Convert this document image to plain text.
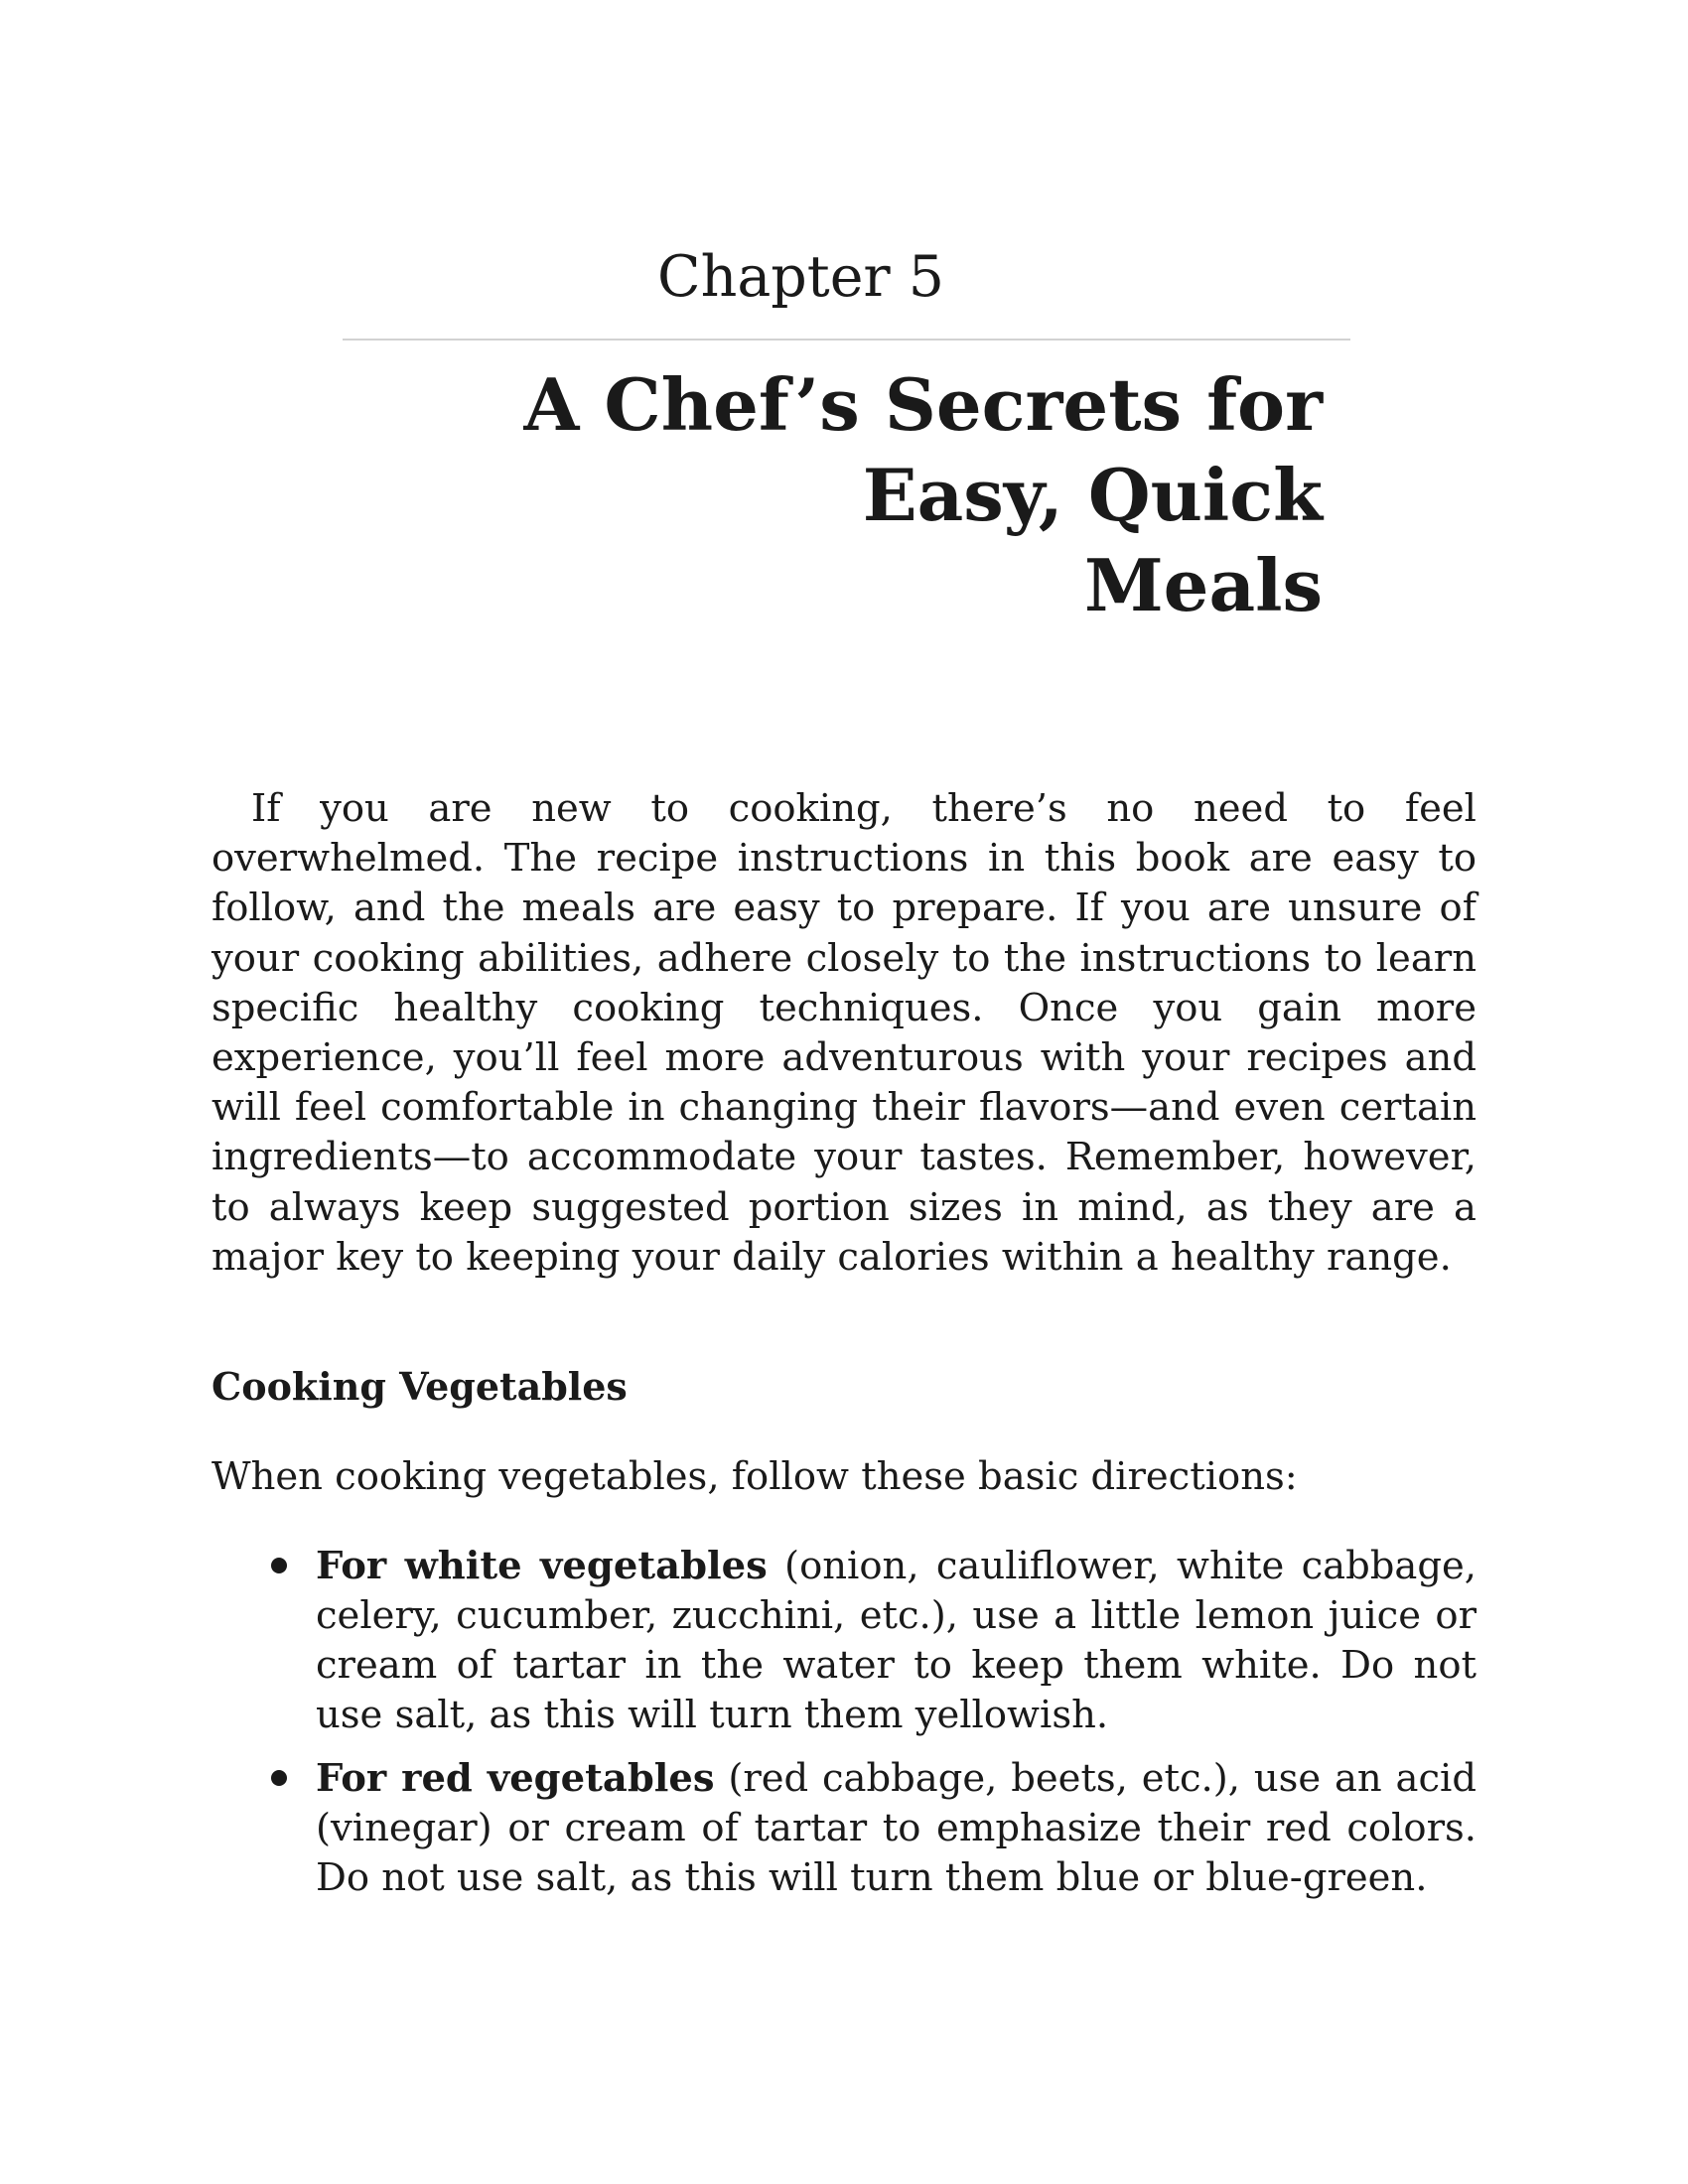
Chapter 5
A Chef’s Secrets for
Easy, Quick
Meals

If you are new to cooking, there’s no need to feel overwhelmed. The recipe instructions in this book are easy to follow, and the meals are easy to prepare. If you are unsure of your cooking abilities, adhere closely to the instructions to learn specific healthy cooking techniques. Once you gain more experience, you’ll feel more adventurous with your recipes and will feel comfortable in changing their flavors—and even certain ingredients—to accommodate your tastes. Remember, however, to always keep suggested portion sizes in mind, as they are a major key to keeping your daily calories within a healthy range.

Cooking Vegetables

When cooking vegetables, follow these basic directions:

For white vegetables (onion, cauliflower, white cabbage, celery, cucumber, zucchini, etc.), use a little lemon juice or cream of tartar in the water to keep them white. Do not use salt, as this will turn them yellowish.
For red vegetables (red cabbage, beets, etc.), use an acid (vinegar) or cream of tartar to emphasize their red colors. Do not use salt, as this will turn them blue or blue-green.
